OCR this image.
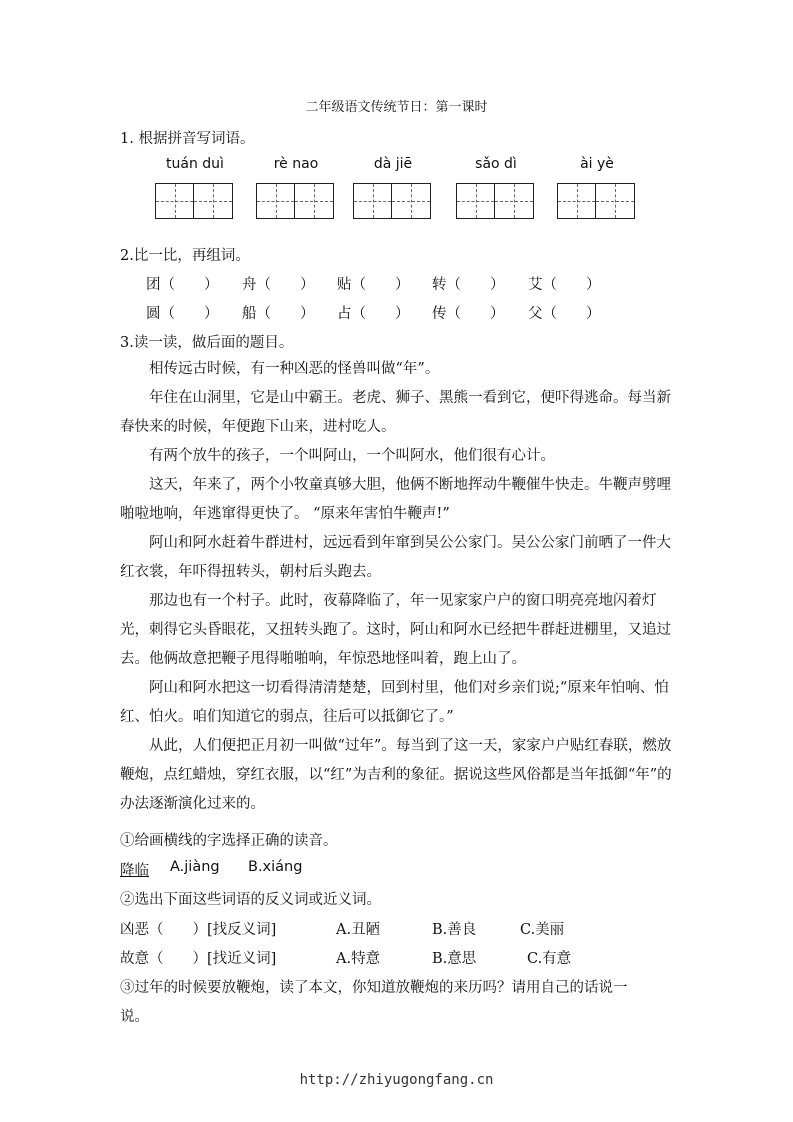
二年级语文传统节日：第一课时
1. 根据拼音写词语。
tuán duì	rè nao	dà jiē	sǎo dì	ài yè
2.比一比，再组词。
团（　　） 舟（　　） 贴（　　） 转（　　） 艾（　　）
圆（　　） 船（　　） 占（　　） 传（　　） 父（　　）
3.读一读，做后面的题目。
相传远古时候，有一种凶恶的怪兽叫做“年”。
年住在山洞里，它是山中霸王。老虎、狮子、黑熊一看到它，便吓得逃命。每当新春快来的时候，年便跑下山来，进村吃人。
有两个放牛的孩子，一个叫阿山，一个叫阿水，他们很有心计。
这天，年来了，两个小牧童真够大胆，他俩不断地挥动牛鞭催牛快走。牛鞭声劈哩啪啦地响，年逃窜得更快了。 “原来年害怕牛鞭声!”
阿山和阿水赶着牛群进村，远远看到年窜到吴公公家门。吴公公家门前晒了一件大红衣裳，年吓得扭转头，朝村后头跑去。
那边也有一个村子。此时，夜幕降临了，年一见家家户户的窗口明亮亮地闪着灯光，刺得它头昏眼花，又扭转头跑了。这时，阿山和阿水已经把牛群赶进棚里，又追过去。他俩故意把鞭子甩得啪啪响，年惊恐地怪叫着，跑上山了。
阿山和阿水把这一切看得清清楚楚，回到村里，他们对乡亲们说;“原来年怕响、怕红、怕火。咱们知道它的弱点，往后可以抵御它了。”
从此，人们便把正月初一叫做“过年”。每当到了这一天，家家户户贴红春联，燃放鞭炮，点红蜡烛，穿红衣服，以“红”为吉利的象征。据说这些风俗都是当年抵御“年”的办法逐渐演化过来的。
①给画横线的字选择正确的读音。
降临 A.jiàng B.xiáng
②选出下面这些词语的反义词或近义词。
凶恶（　　）[找反义词]	A.丑陋	B.善良	C.美丽
故意（　　）[找近义词]	A.特意	B.意思	C.有意
③过年的时候要放鞭炮，读了本文，你知道放鞭炮的来历吗？请用自己的话说一
说。
http://zhiyugongfang.cn
